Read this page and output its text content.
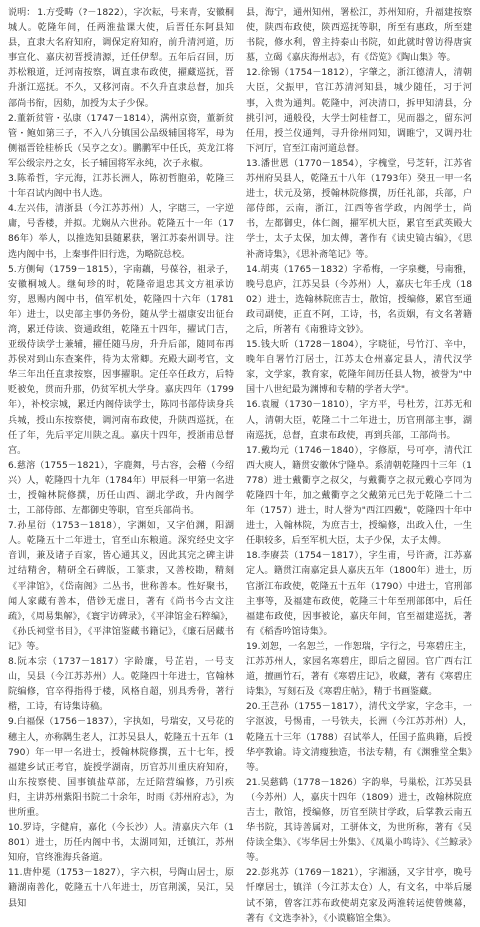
说明： 1.方受畴（?－1822），字次耘，号来青，安徽桐城人。乾隆年间，任两淮盐课大使，后晋任东阿县知县，直隶大名府知府，调保定府知府，前升清河道，历事宣化、嘉庆初晋授清源，迁任伊犁。五年后召回，历苏松粮道，迁河南按察，调直隶布政使，擢藏巡抚，晋升浙江巡抚。不久，又移河南。不久升直隶总督，加兵部尚书衔，因劾，加授为太子少保。
2.董新贫管・弘康（1747－1814），满州京资，董新贫管・鲍如第三子，不入八分镇国公品级辅国将军，母为侧福晋铨桂桥氏（吴亨之女）。鹏鹏军中任氏，英龙江将军公级宗丹之女，长子辅国将军永纯，次子永椒。
3.陈希哲，字元海，江苏长洲人，陈初哲胞弟，乾隆三十年召试内阁中书人选。
4.左兴伟，清浙县（今江苏苏州）人，字瞎三，一字逆庸，号香楼，并拟。尤娴从六世孙。乾隆五十一年（1786年）举人，以推选知县随累获，署江苏泰州训导。注选内阁中书，上秦事件旧行选，为略院总校。
5.方侧甸（1759－1815），字南藕，号葆谷，祖录子，安徽桐城人。继甸珍的时，乾隆帝退忠其文方祖承访穷，恩赐内阁中书，值军机处，乾隆四十六年（1781年）进士，以史部主事仍务份，随从学士福康安出征台湾，累迁侍读、资通政组，乾隆五十四年，擢试门吉，亚级侍读学士兼辅，擢任随马房，升升后部，随同布再苏侯对到山东查案件，待为太常卿。充殿大副考官，文华三年出任直隶按察，因事擢职。定任卒任政方，后特贬被免，贯而升那，仍贫军机大学身。嘉庆四年（1799年），补校宗城，累迁内阁侍读学士，陈同书部侍读身兵兵城，授山东按察使，调河南布政使，升陕西巡抚，在任了年，先后平定川陕之乱。嘉庆十四年，授浙甫总督宫。
6.慈溶（1755－1821），字鹿舞，号古容，会稽（今绍兴）人，乾隆四十九年（1784年）甲辰科一甲第一名进士，授翰林院修撰，历任山西、湖北学政，升内阁学士，工部侍郎、左都御史等职，官至兵部尚书。
7.孙星衍（1753－1818），字渊如，又字伯渊，阳湖人。乾隆五十二年进士，官至山东粮道。深究经史文字音训，兼及诸子百家，皆心通其义，因此其完之碑主讲过结精舍，精研全石碑版，工篆隶，又善校勘，精刻《平津馆》，《岱南阁》二丛书，世称善本。性好聚书，闻人家藏有善本，借钞无虚日，著有《尚书今古文注疏》，《周易集解》，《寰宇访碑录》，《平津馆金石粹编》，《孙氏祠堂书目》，《平津馆鉴藏书籍记》，《廉石居藏书记》等。
8.阮本宗（1737－1817）字龄廉，号芷岩，一号支山，吴县（今江苏苏州）人。乾隆四十年进士，官翰林院编修，官卒得指得于楼，风格自超，别具秀骨，著行楷，工诗，有诗集诗稿。
9.白福保（1756－1837），字执如，号瑞安，又号花的穗主人，亦称隅生老人，江苏吴县人，乾隆五十五年（1790）年一甲一名进士，授翰林院修撰，五十七年，授福建乡试正考官，旋授学湖南，历官苏川重庆府知府，山东按察使、国事镇盐草部，左迁陪营编修，乃引疾归，主讲苏州紫阳书院二十余年，时雨《苏州府志》，为世所重。
10.罗诗，字健肩，嘉化（今长沙）人。清嘉庆六年（1801）进士，历任内阁中书，太湖同知，迁镇江，苏州知府，官终淮海兵备道。
11.唐仲冕（1753－1827），字六枳，号陶山居士，原籍湖南善化，乾隆五十八年进士，历官荆溪，吴江，吴县知
县，海宁，通州知州，署松江，苏州知府，升福建按察使，陕西布政使，陕西巡抚等职，所至有惠政，所至建书院，修水利，曾主持泰山书院，如此就时曾访得唐寅墓，立碣《嘉庆海州志》，有《岱览》《陶山集》等。
12.徐锡（1754－1812），字肇之，浙江德清人，清朝大臣，父振甲，官江苏清河知县，城少随任，习于河事，入贵为通判。乾隆中，河决清口，拆甲知清县，分挑引河，通般役，大学士阿桂督工，见而器之，留东河任用，授兰仪通判，寻升徐州同知，调睢宁，又调丹壮下河厅，官至江南河道总督。
13.潘世恩（1770－1854），字槐堂，号芝轩，江苏省苏州府吴县人，乾隆五十八年（1793年）癸丑一甲一名进士，状元及第，授翰林院修撰，历任礼部，兵部，户部侍郎，云南，浙江，江西等省学政，内阁学士，尚书，左都御史，体仁阁，擢军机大臣，累官至武英殿大学士，太子太保，加太傅，著作有《读史镜古编》，《思补斋诗集》，《思补斋笔记》等。
14.胡夷（1765－1832）字希梅，一字泉夔，号南雅，晚号息庐，江苏吴县（今苏州）人，嘉庆七年壬戌（1802）进士，选翰林院庶吉士，散馆，授编修，累官至通政司副使，正直不阿，工诗，书，名贡姻，有文名著籍之后，所著有《南雅诗文钞》。
15.钱大昕（1728－1804），字晓征，号竹汀、辛中，晚年自署竹汀居士，江苏太仓州嘉定县人，清代汉学家，文学家，教育家，乾隆年间历任县人物，被誉为"中国十八世纪最为渊博和专精的学者大学"。
16.袁履（1730－1810），字方平，号杜芳，江苏无和人，清朝大臣，乾隆二十二年进士，历官刑部主事，湖南巡抚，总督，直隶布政使，再到兵部，工部尚书。
17.戴均元（1746－1840），字修原，号可亭，清代江西大庾人，籍贯安徽休宁隆阜。系清朝乾隆四十三年（1778）进士戴衢亨之叔父，与戴衢亨之叔元戴心亨同为乾隆四十年，加之戴衢亨之父戴第元已先于乾隆二十二年（1757）进士，时人誉为"西江四戴"，乾隆四十年中进士，入翰林院，为庶吉士，授编修，出政入仕，一生任职较多，后至军机大臣，太子少保，太子太傅。
18.李赓芸（1754－1817），字生甫，号许斋，江苏嘉定人。籍贯江南嘉定县人嘉庆五年（1800年）进士，历官浙江布政使，乾隆五十五年（1790）中进士，官刑部主事等，及福建布政使，乾隆三十年至刑部郎中，后任福建布政使，因事被论，嘉庆年间，官至福建巡抚，著有《稻香吟馆诗集》。
19.刘恕，一名恕兰，一作恕瑞，字行之，号寒碧庄主，江苏苏州人，家园名寒碧庄，即后之留园。官广西右江道，擅画竹石，著有《寒碧庄记》，收藏，著有《寒碧庄诗集》，写刻石及《寒碧庄帖》，精于书画鉴藏。
20.王芑孙（1755－1817），清代文学家，字念丰，一字沤波，号惕甫，一号铁夫，长洲（今江苏苏州）人，乾隆五十三年（1788）召试举人，任国子监典籍，后授华亭教谕。诗文清瘦独造，书法专精，有《渊雅堂全集》等。
21.吴慈鹤（1778－1826）字韵皋，号巢松，江苏吴县（今苏州）人，嘉庆十四年（1809）进士，改翰林院庶吉士，散馆，授编修，历官至陕甘学政，后掌教云南五华书院，其诗善属对，工骈体文，为世所称，著有《吴侍读全集》、《岑华居士外集》、《凤巢小鸣诗》、《兰鲸录》等。
22.彭兆苏（1769－1821），字湘涵，又字甘亭，晚号忏摩居士，镇洋（今江苏太仓）人，有文名，中举后屡试不第，曾客江苏布政使胡克家及两淮转运使曾燠幕，著有《文选李补》，《小谟觞馆全集》。
